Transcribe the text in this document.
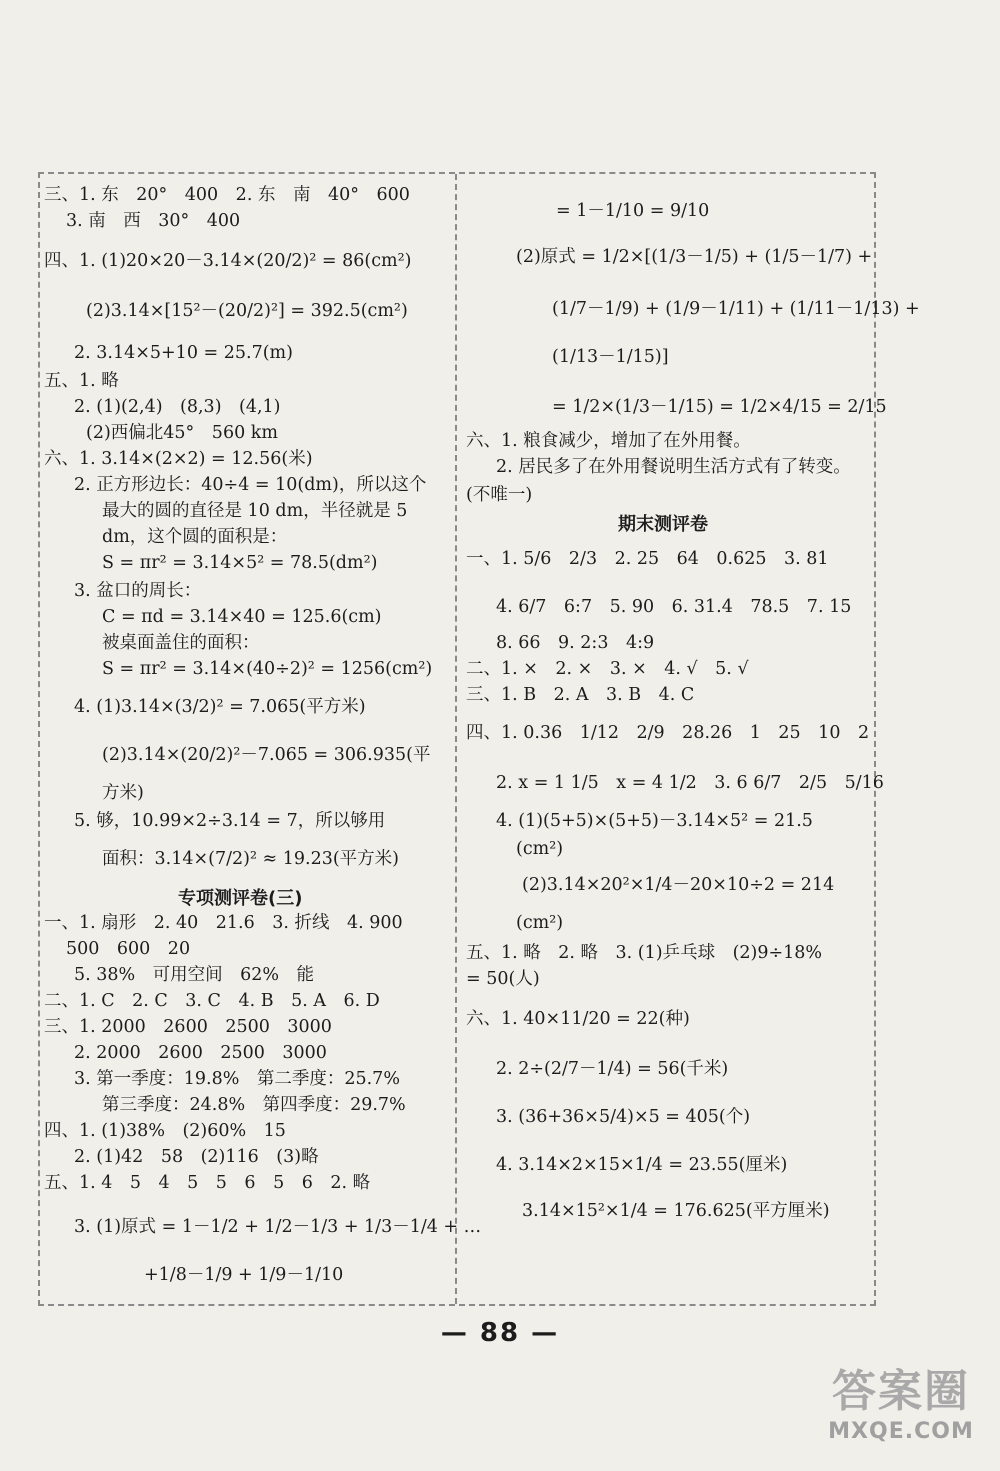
三、1. 东　20°　400　2. 东　南　40°　600
3. 南　西　30°　400
四、1. (1)20×20－3.14×(20/2)² = 86(cm²)
(2)3.14×[15²－(20/2)²] = 392.5(cm²)
2. 3.14×5+10 = 25.7(m)
五、1. 略
2. (1)(2,4)　(8,3)　(4,1)
(2)西偏北45°　560 km
六、1. 3.14×(2×2) = 12.56(米)
2. 正方形边长：40÷4 = 10(dm)，所以这个
最大的圆的直径是 10 dm，半径就是 5
dm，这个圆的面积是：
S = πr² = 3.14×5² = 78.5(dm²)
3. 盆口的周长：
C = πd = 3.14×40 = 125.6(cm)
被桌面盖住的面积：
S = πr² = 3.14×(40÷2)² = 1256(cm²)
4. (1)3.14×(3/2)² = 7.065(平方米)
(2)3.14×(20/2)²－7.065 = 306.935(平
方米)
5. 够，10.99×2÷3.14 = 7，所以够用
面积：3.14×(7/2)² ≈ 19.23(平方米)
专项测评卷(三)
一、1. 扇形　2. 40　21.6　3. 折线　4. 900
500　600　20
5. 38%　可用空间　62%　能
二、1. C　2. C　3. C　4. B　5. A　6. D
三、1. 2000　2600　2500　3000
2. 2000　2600　2500　3000
3. 第一季度：19.8%　第二季度：25.7%
第三季度：24.8%　第四季度：29.7%
四、1. (1)38%　(2)60%　15
2. (1)42　58　(2)116　(3)略
五、1. 4　5　4　5　5　6　5　6　2. 略
3. (1)原式 = 1－1/2 + 1/2－1/3 + 1/3－1/4 + …
+1/8－1/9 + 1/9－1/10
= 1－1/10 = 9/10
(2)原式 = 1/2×[(1/3－1/5) + (1/5－1/7) +
(1/7－1/9) + (1/9－1/11) + (1/11－1/13) +
(1/13－1/15)]
= 1/2×(1/3－1/15) = 1/2×4/15 = 2/15
六、1. 粮食减少，增加了在外用餐。
2. 居民多了在外用餐说明生活方式有了转变。
(不唯一)
期末测评卷
一、1. 5/6　2/3　2. 25　64　0.625　3. 81
4. 6/7　6:7　5. 90　6. 31.4　78.5　7. 15
8. 66　9. 2:3　4:9
二、1. ×　2. ×　3. ×　4. √　5. √
三、1. B　2. A　3. B　4. C
四、1. 0.36　1/12　2/9　28.26　1　25　10　2
2. x = 1 1/5　x = 4 1/2　3. 6 6/7　2/5　5/16
4. (1)(5+5)×(5+5)－3.14×5² = 21.5
(cm²)
(2)3.14×20²×1/4－20×10÷2 = 214
(cm²)
五、1. 略　2. 略　3. (1)乒乓球　(2)9÷18%
= 50(人)
六、1. 40×11/20 = 22(种)
2. 2÷(2/7－1/4) = 56(千米)
3. (36+36×5/4)×5 = 405(个)
4. 3.14×2×15×1/4 = 23.55(厘米)
3.14×15²×1/4 = 176.625(平方厘米)
— 88 —
答案圈
MXQE.COM
